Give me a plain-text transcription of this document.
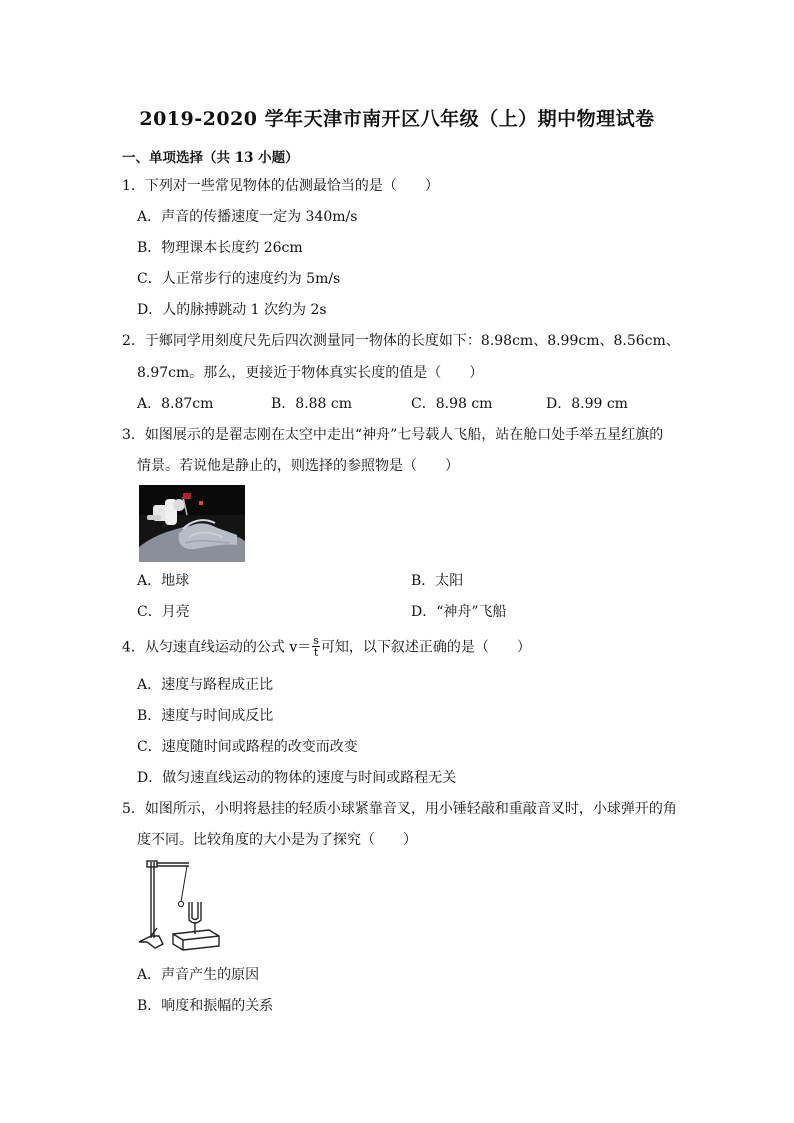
2019-2020 学年天津市南开区八年级（上）期中物理试卷
一、单项选择（共 13 小题）
1．下列对一些常见物体的估测最恰当的是（　　）
A．声音的传播速度一定为 340m/s
B．物理课本长度约 26cm
C．人正常步行的速度约为 5m/s
D．人的脉搏跳动 1 次约为 2s
2．于鄉同学用刻度尺先后四次测量同一物体的长度如下：8.98cm、8.99cm、8.56cm、
8.97cm。那么，更接近于物体真实长度的值是（　　）
A．8.87cm	B．8.88 cm	C．8.98 cm	D．8.99 cm
3．如图展示的是翟志刚在太空中走出“神舟”七号载人飞船，站在舱口处手举五星红旗的
情景。若说他是静止的，则选择的参照物是（　　）
A．地球	B．太阳
C．月亮	D．“神舟”飞船
4．从匀速直线运动的公式 $v= \frac{s}{t}$ 可知，以下叙述正确的是（　　）
A．速度与路程成正比
B．速度与时间成反比
C．速度随时间或路程的改变而改变
D．做匀速直线运动的物体的速度与时间或路程无关
5．如图所示，小明将悬挂的轻质小球紧靠音叉，用小锤轻敲和重敲音叉时，小球弹开的角
度不同。比较角度的大小是为了探究（　　）
A．声音产生的原因
B．响度和振幅的关系
